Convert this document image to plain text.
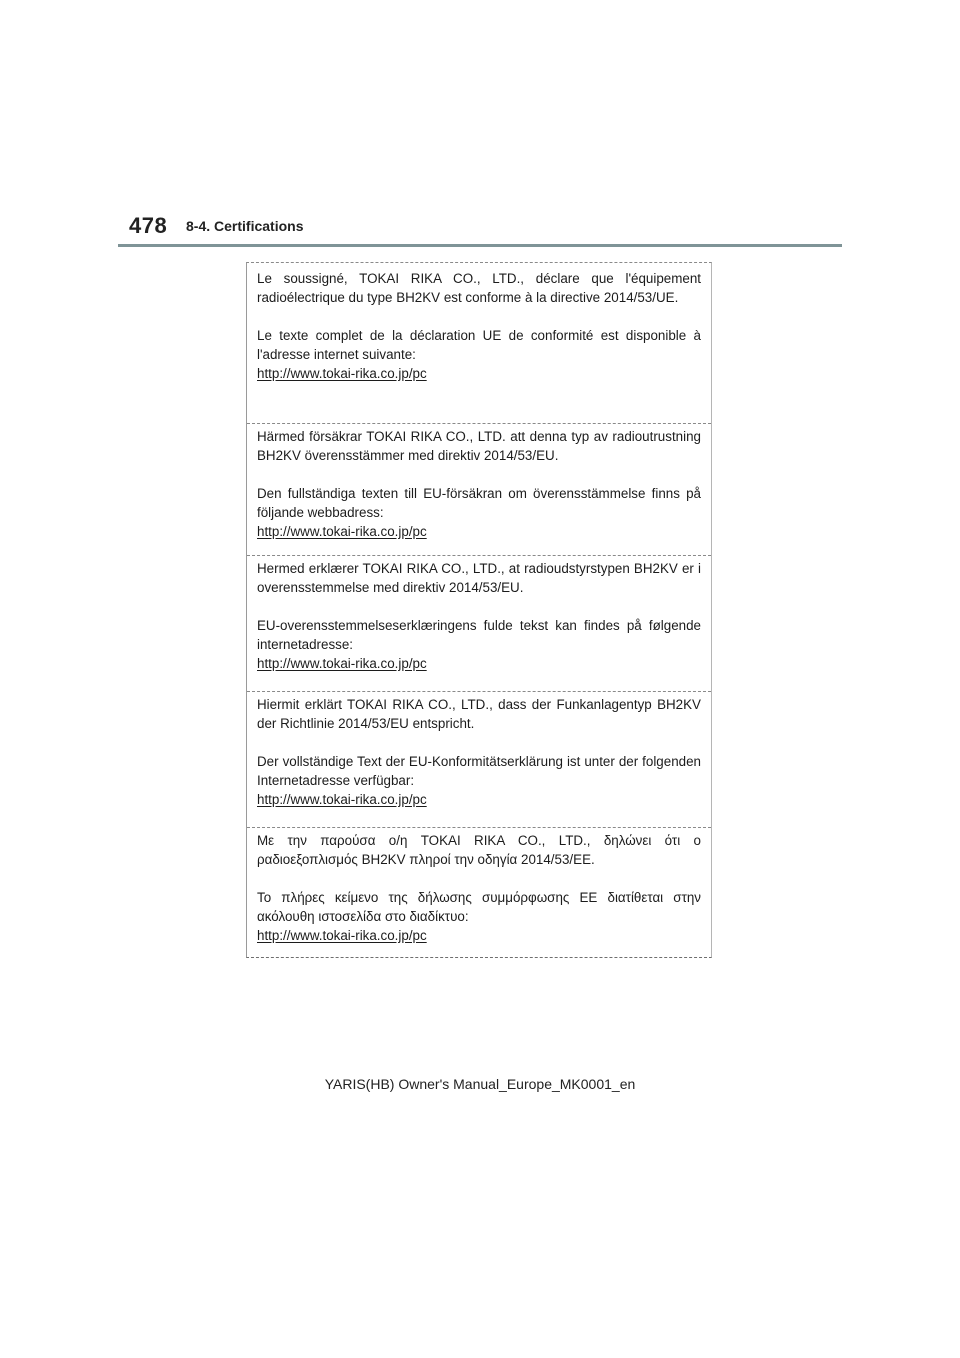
478 8-4. Certifications

Le soussigné, TOKAI RIKA CO., LTD., déclare que l'équipement radioélectrique du type BH2KV est conforme à la directive 2014/53/UE.

Le texte complet de la déclaration UE de conformité est disponible à l'adresse internet suivante:

http://www.tokai-rika.co.jp/pc

Härmed försäkrar TOKAI RIKA CO., LTD. att denna typ av radioutrustning BH2KV överensstämmer med direktiv 2014/53/EU.

Den fullständiga texten till EU-försäkran om överensstämmelse finns på följande webbadress:

http://www.tokai-rika.co.jp/pc

Hermed erklærer TOKAI RIKA CO., LTD., at radioudstyrstypen BH2KV er i overensstemmelse med direktiv 2014/53/EU.

EU-overensstemmelseserklæringens fulde tekst kan findes på følgende internetadresse:

http://www.tokai-rika.co.jp/pc

Hiermit erklärt TOKAI RIKA CO., LTD., dass der Funkanlagentyp BH2KV der Richtlinie 2014/53/EU entspricht.

Der vollständige Text der EU-Konformitätserklärung ist unter der folgenden Internetadresse verfügbar:

http://www.tokai-rika.co.jp/pc

Με την παρούσα ο/η TOKAI RIKA CO., LTD., δηλώνει ότι ο ραδιοεξοπλισμός BH2KV πληροί την οδηγία 2014/53/ΕΕ.

Το πλήρες κείμενο της δήλωσης συμμόρφωσης ΕΕ διατίθεται στην ακόλουθη ιστοσελίδα στο διαδίκτυο:

http://www.tokai-rika.co.jp/pc
YARIS(HB) Owner's Manual_Europe_MK0001_en
